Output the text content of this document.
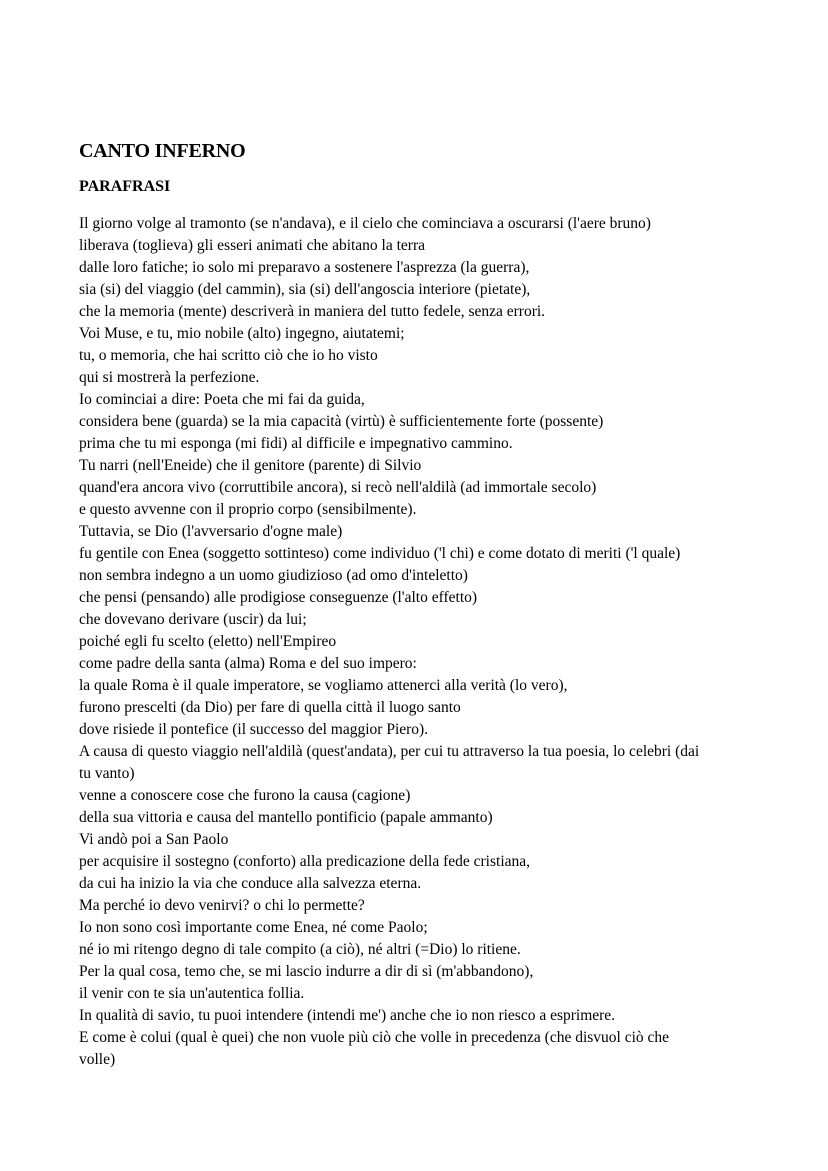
CANTO INFERNO
PARAFRASI
Il giorno volge al tramonto (se n'andava), e il cielo che cominciava a oscurarsi (l'aere bruno)
liberava (toglieva) gli esseri animati che abitano la terra
dalle loro fatiche; io solo mi preparavo a sostenere l'asprezza (la guerra),
sia (si) del viaggio (del cammin), sia (si) dell'angoscia interiore (pietate),
che la memoria (mente) descriverà in maniera del tutto fedele, senza errori.
Voi Muse, e tu, mio nobile (alto) ingegno, aiutatemi;
tu, o memoria, che hai scritto ciò che io ho visto
qui si mostrerà la perfezione.
Io cominciai a dire: Poeta che mi fai da guida,
considera bene (guarda) se la mia capacità (virtù) è sufficientemente forte (possente)
prima che tu mi esponga (mi fidi) al difficile e impegnativo cammino.
Tu narri (nell'Eneide) che il genitore (parente) di Silvio
quand'era ancora vivo (corruttibile ancora), si recò nell'aldilà (ad immortale secolo)
e questo avvenne con il proprio corpo (sensibilmente).
Tuttavia, se Dio (l'avversario d'ogne male)
fu gentile con Enea (soggetto sottinteso) come individuo ('l chi) e come dotato di meriti ('l quale)
non sembra indegno a un uomo giudizioso (ad omo d'inteletto)
che pensi (pensando) alle prodigiose conseguenze (l'alto effetto)
che dovevano derivare (uscir) da lui;
poiché egli fu scelto (eletto) nell'Empireo
come padre della santa (alma) Roma e del suo impero:
la quale Roma è il quale imperatore, se vogliamo attenerci alla verità (lo vero),
furono prescelti (da Dio) per fare di quella città il luogo santo
dove risiede il pontefice (il successo del maggior Piero).
A causa di questo viaggio nell'aldilà (quest'andata), per cui tu attraverso la tua poesia, lo celebri (dai
tu vanto)
venne a conoscere cose che furono la causa (cagione)
della sua vittoria e causa del mantello pontificio (papale ammanto)
Vi andò poi a San Paolo
per acquisire il sostegno (conforto) alla predicazione della fede cristiana,
da cui ha inizio la via che conduce alla salvezza eterna.
Ma perché io devo venirvi? o chi lo permette?
Io non sono così importante come Enea, né come Paolo;
né io mi ritengo degno di tale compito (a ciò), né altri (=Dio) lo ritiene.
Per la qual cosa, temo che, se mi lascio indurre a dir di sì (m'abbandono),
il venir con te sia un'autentica follia.
In qualità di savio, tu puoi intendere (intendi me') anche che io non riesco a esprimere.
E come è colui (qual è quei) che non vuole più ciò che volle in precedenza (che disvuol ciò che
volle)
